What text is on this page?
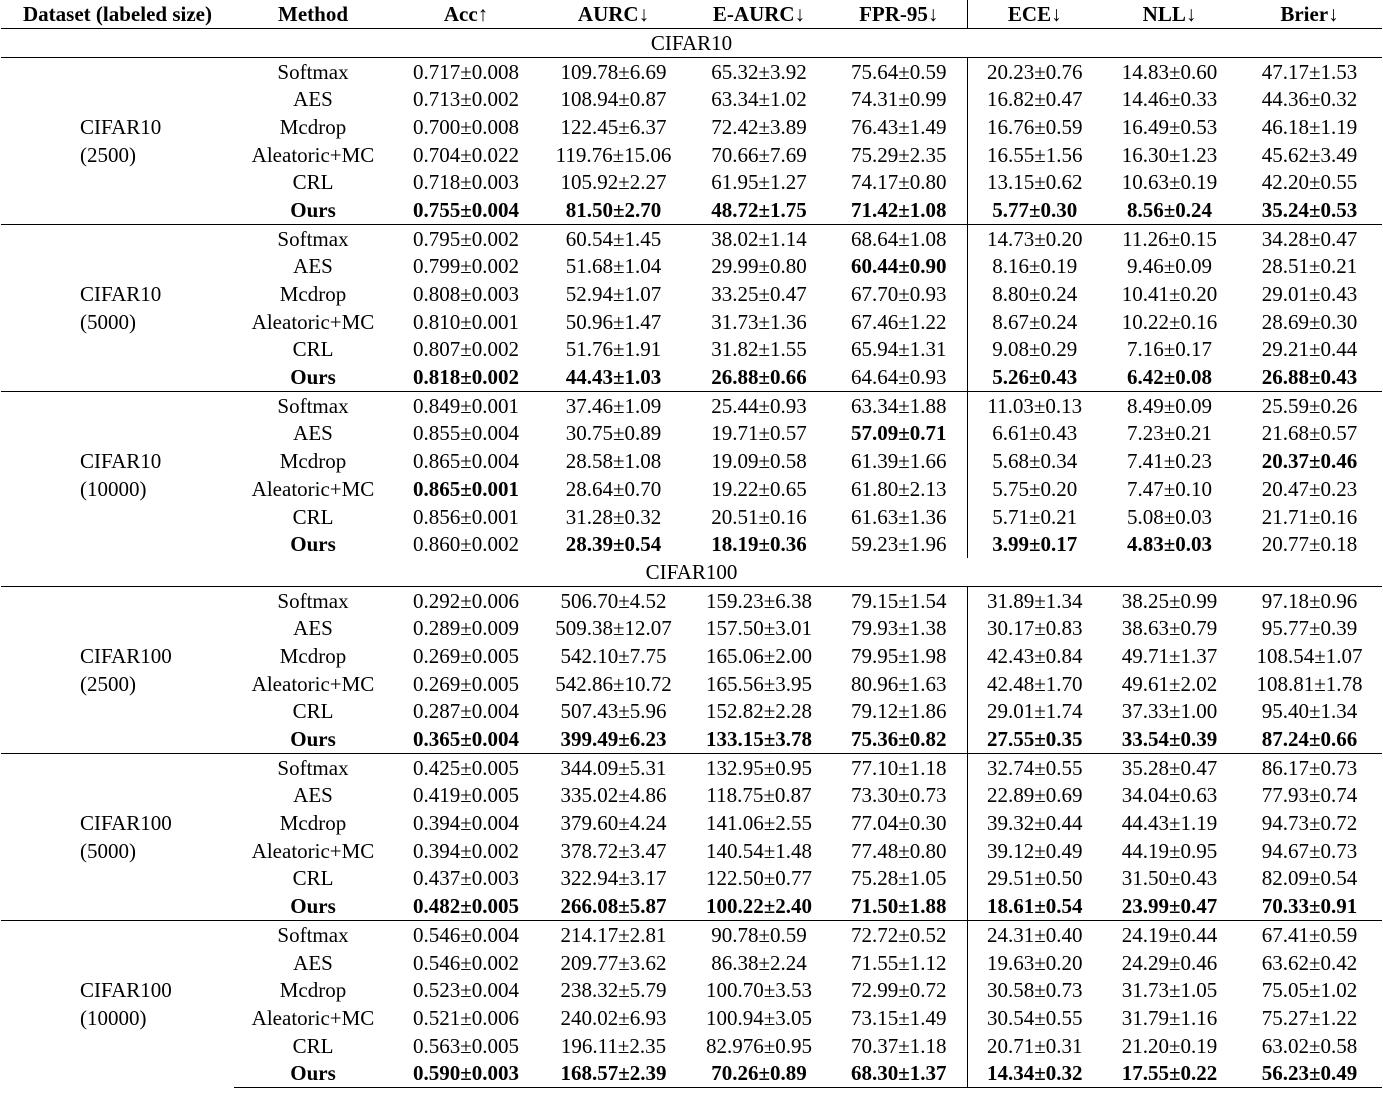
Dataset (labeled size)	Method	Acc↑	AURC↓	E-AURC↓	FPR-95↓	ECE↓	NLL↓	Brier↓
CIFAR10								

CIFAR10
(2500)	Softmax	0.717±0.008	109.78±6.69	65.32±3.92	75.64±0.59	20.23±0.76	14.83±0.60	47.17±1.53
	AES	0.713±0.002	108.94±0.87	63.34±1.02	74.31±0.99	16.82±0.47	14.46±0.33	44.36±0.32
	Mcdrop	0.700±0.008	122.45±6.37	72.42±3.89	76.43±1.49	16.76±0.59	16.49±0.53	46.18±1.19
	Aleatoric+MC	0.704±0.022	119.76±15.06	70.66±7.69	75.29±2.35	16.55±1.56	16.30±1.23	45.62±3.49
	CRL	0.718±0.003	105.92±2.27	61.95±1.27	74.17±0.80	13.15±0.62	10.63±0.19	42.20±0.55
	Ours	0.755±0.004	81.50±2.70	48.72±1.75	71.42±1.08	5.77±0.30	8.56±0.24	35.24±0.53

CIFAR10
(5000)	Softmax	0.795±0.002	60.54±1.45	38.02±1.14	68.64±1.08	14.73±0.20	11.26±0.15	34.28±0.47
	AES	0.799±0.002	51.68±1.04	29.99±0.80	60.44±0.90	8.16±0.19	9.46±0.09	28.51±0.21
	Mcdrop	0.808±0.003	52.94±1.07	33.25±0.47	67.70±0.93	8.80±0.24	10.41±0.20	29.01±0.43
	Aleatoric+MC	0.810±0.001	50.96±1.47	31.73±1.36	67.46±1.22	8.67±0.24	10.22±0.16	28.69±0.30
	CRL	0.807±0.002	51.76±1.91	31.82±1.55	65.94±1.31	9.08±0.29	7.16±0.17	29.21±0.44
	Ours	0.818±0.002	44.43±1.03	26.88±0.66	64.64±0.93	5.26±0.43	6.42±0.08	26.88±0.43

CIFAR10
(10000)	Softmax	0.849±0.001	37.46±1.09	25.44±0.93	63.34±1.88	11.03±0.13	8.49±0.09	25.59±0.26
	AES	0.855±0.004	30.75±0.89	19.71±0.57	57.09±0.71	6.61±0.43	7.23±0.21	21.68±0.57
	Mcdrop	0.865±0.004	28.58±1.08	19.09±0.58	61.39±1.66	5.68±0.34	7.41±0.23	20.37±0.46
	Aleatoric+MC	0.865±0.001	28.64±0.70	19.22±0.65	61.80±2.13	5.75±0.20	7.47±0.10	20.47±0.23
	CRL	0.856±0.001	31.28±0.32	20.51±0.16	61.63±1.36	5.71±0.21	5.08±0.03	21.71±0.16
	Ours	0.860±0.002	28.39±0.54	18.19±0.36	59.23±1.96	3.99±0.17	4.83±0.03	20.77±0.18
CIFAR100								

CIFAR100
(2500)	Softmax	0.292±0.006	506.70±4.52	159.23±6.38	79.15±1.54	31.89±1.34	38.25±0.99	97.18±0.96
	AES	0.289±0.009	509.38±12.07	157.50±3.01	79.93±1.38	30.17±0.83	38.63±0.79	95.77±0.39
	Mcdrop	0.269±0.005	542.10±7.75	165.06±2.00	79.95±1.98	42.43±0.84	49.71±1.37	108.54±1.07
	Aleatoric+MC	0.269±0.005	542.86±10.72	165.56±3.95	80.96±1.63	42.48±1.70	49.61±2.02	108.81±1.78
	CRL	0.287±0.004	507.43±5.96	152.82±2.28	79.12±1.86	29.01±1.74	37.33±1.00	95.40±1.34
	Ours	0.365±0.004	399.49±6.23	133.15±3.78	75.36±0.82	27.55±0.35	33.54±0.39	87.24±0.66

CIFAR100
(5000)	Softmax	0.425±0.005	344.09±5.31	132.95±0.95	77.10±1.18	32.74±0.55	35.28±0.47	86.17±0.73
	AES	0.419±0.005	335.02±4.86	118.75±0.87	73.30±0.73	22.89±0.69	34.04±0.63	77.93±0.74
	Mcdrop	0.394±0.004	379.60±4.24	141.06±2.55	77.04±0.30	39.32±0.44	44.43±1.19	94.73±0.72
	Aleatoric+MC	0.394±0.002	378.72±3.47	140.54±1.48	77.48±0.80	39.12±0.49	44.19±0.95	94.67±0.73
	CRL	0.437±0.003	322.94±3.17	122.50±0.77	75.28±1.05	29.51±0.50	31.50±0.43	82.09±0.54
	Ours	0.482±0.005	266.08±5.87	100.22±2.40	71.50±1.88	18.61±0.54	23.99±0.47	70.33±0.91

CIFAR100
(10000)	Softmax	0.546±0.004	214.17±2.81	90.78±0.59	72.72±0.52	24.31±0.40	24.19±0.44	67.41±0.59
	AES	0.546±0.002	209.77±3.62	86.38±2.24	71.55±1.12	19.63±0.20	24.29±0.46	63.62±0.42
	Mcdrop	0.523±0.004	238.32±5.79	100.70±3.53	72.99±0.72	30.58±0.73	31.73±1.05	75.05±1.02
	Aleatoric+MC	0.521±0.006	240.02±6.93	100.94±3.05	73.15±1.49	30.54±0.55	31.79±1.16	75.27±1.22
	CRL	0.563±0.005	196.11±2.35	82.976±0.95	70.37±1.18	20.71±0.31	21.20±0.19	63.02±0.58
	Ours	0.590±0.003	168.57±2.39	70.26±0.89	68.30±1.37	14.34±0.32	17.55±0.22	56.23±0.49
